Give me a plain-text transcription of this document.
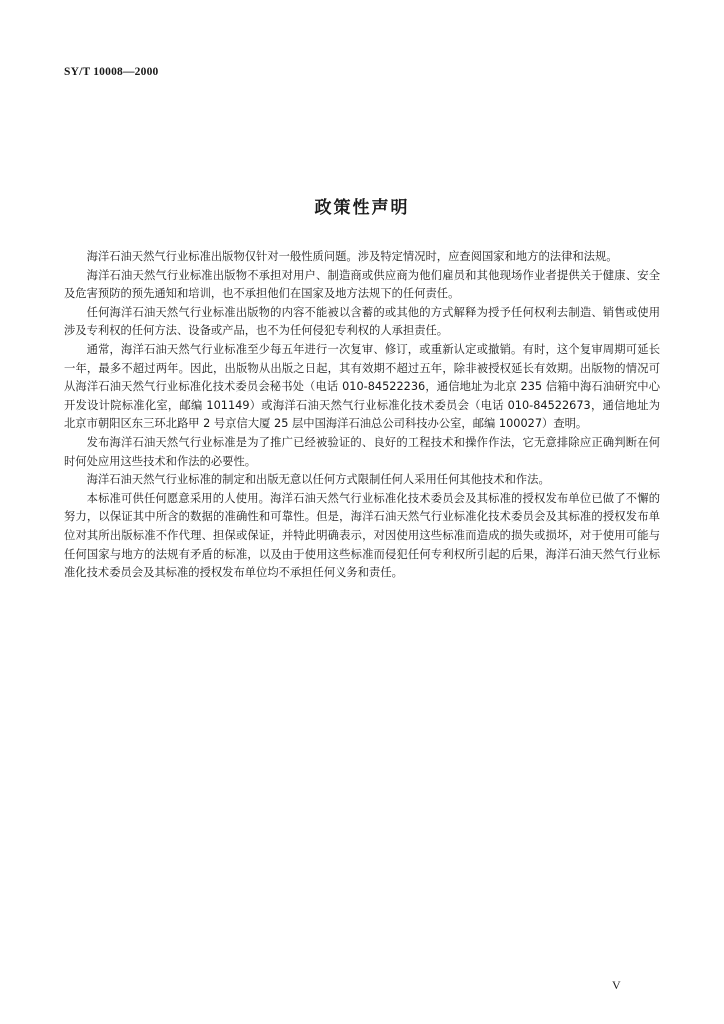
SY/T 10008—2000
政策性声明

海洋石油天然气行业标准出版物仅针对一般性质问题。涉及特定情况时，应查阅国家和地方的法律和法规。

海洋石油天然气行业标准出版物不承担对用户、制造商或供应商为他们雇员和其他现场作业者提供关于健康、安全及危害预防的预先通知和培训，也不承担他们在国家及地方法规下的任何责任。

任何海洋石油天然气行业标准出版物的内容不能被以含蓄的或其他的方式解释为授予任何权利去制造、销售或使用涉及专利权的任何方法、设备或产品，也不为任何侵犯专利权的人承担责任。

通常，海洋石油天然气行业标准至少每五年进行一次复审、修订，或重新认定或撤销。有时，这个复审周期可延长一年，最多不超过两年。因此，出版物从出版之日起，其有效期不超过五年，除非被授权延长有效期。出版物的情况可从海洋石油天然气行业标准化技术委员会秘书处（电话 010-84522236，通信地址为北京 235 信箱中海石油研究中心开发设计院标准化室，邮编 101149）或海洋石油天然气行业标准化技术委员会（电话 010-84522673，通信地址为北京市朝阳区东三环北路甲 2 号京信大厦 25 层中国海洋石油总公司科技办公室，邮编 100027）查明。

发布海洋石油天然气行业标准是为了推广已经被验证的、良好的工程技术和操作作法，它无意排除应正确判断在何时何处应用这些技术和作法的必要性。

海洋石油天然气行业标准的制定和出版无意以任何方式限制任何人采用任何其他技术和作法。

本标准可供任何愿意采用的人使用。海洋石油天然气行业标准化技术委员会及其标准的授权发布单位已做了不懈的努力，以保证其中所含的数据的准确性和可靠性。但是，海洋石油天然气行业标准化技术委员会及其标准的授权发布单位对其所出版标准不作代理、担保或保证，并特此明确表示，对因使用这些标准而造成的损失或损坏，对于使用可能与任何国家与地方的法规有矛盾的标准，以及由于使用这些标准而侵犯任何专利权所引起的后果，海洋石油天然气行业标准化技术委员会及其标准的授权发布单位均不承担任何义务和责任。

V
